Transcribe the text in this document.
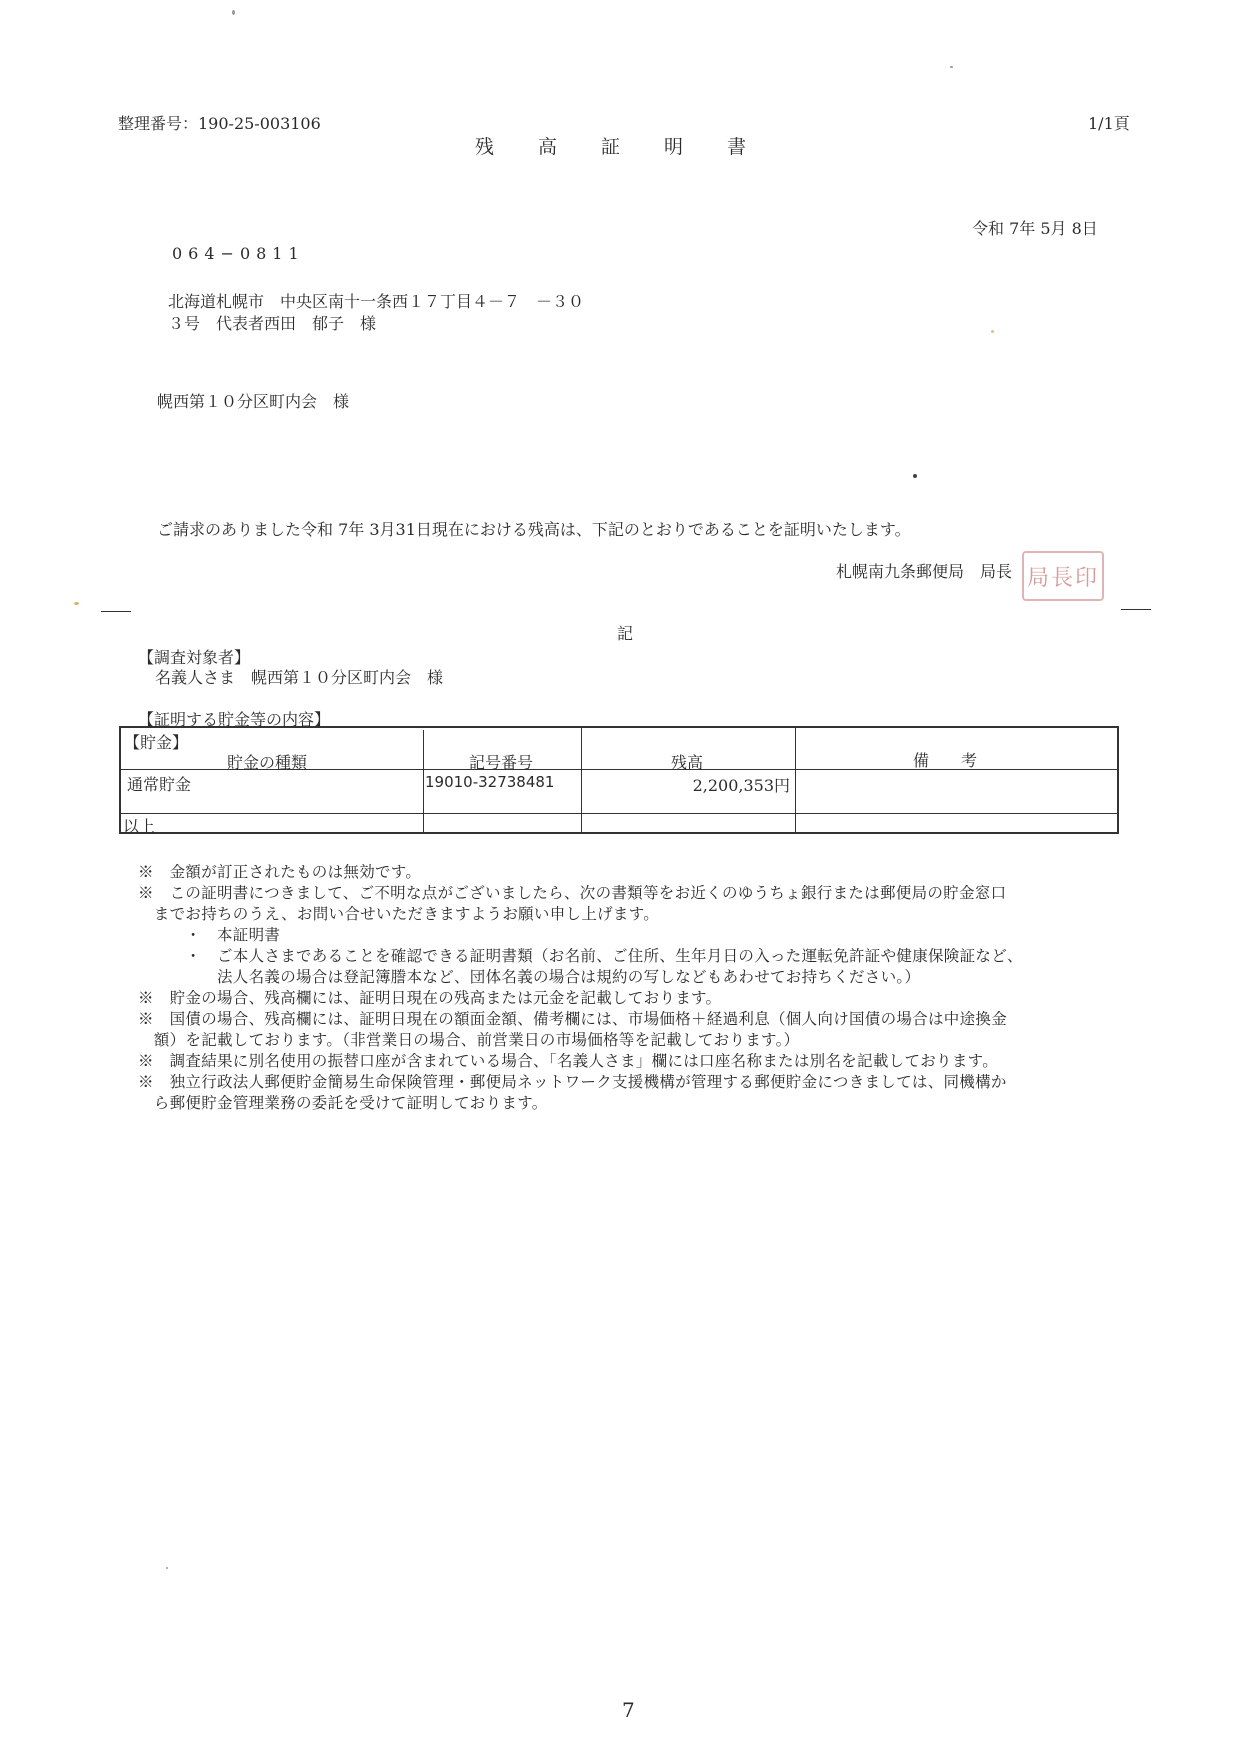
整理番号：190-25-003106	1/1頁
残高証明書
令和 7年 5月 8日
064−0811
北海道札幌市　中央区南十一条西１７丁目４－７　－３０
３号　代表者西田　郁子　様
幌西第１０分区町内会　様
ご請求のありました令和 7年 3月31日現在における残高は、下記のとおりであることを証明いたします。
札幌南九条郵便局　局長 局長印
記
【調査対象者】
名義人さま　幌西第１０分区町内会　様
【証明する貯金等の内容】
【貯金】
貯金の種類	記号番号	残高	備　　考
通常貯金	19010-32738481	2,200,353円
以上
※　金額が訂正されたものは無効です。
※　この証明書につきまして、ご不明な点がございましたら、次の書類等をお近くのゆうちょ銀行または郵便局の貯金窓口
　までお持ちのうえ、お問い合せいただきますようお願い申し上げます。
　　　・　本証明書
　　　・　ご本人さまであることを確認できる証明書類（お名前、ご住所、生年月日の入った運転免許証や健康保険証など、
　　　　　法人名義の場合は登記簿謄本など、団体名義の場合は規約の写しなどもあわせてお持ちください。）
※　貯金の場合、残高欄には、証明日現在の残高または元金を記載しております。
※　国債の場合、残高欄には、証明日現在の額面金額、備考欄には、市場価格＋経過利息（個人向け国債の場合は中途換金
　額）を記載しております。（非営業日の場合、前営業日の市場価格等を記載しております。）
※　調査結果に別名使用の振替口座が含まれている場合、「名義人さま」欄には口座名称または別名を記載しております。
※　独立行政法人郵便貯金簡易生命保険管理・郵便局ネットワーク支援機構が管理する郵便貯金につきましては、同機構か
　ら郵便貯金管理業務の委託を受けて証明しております。
7
